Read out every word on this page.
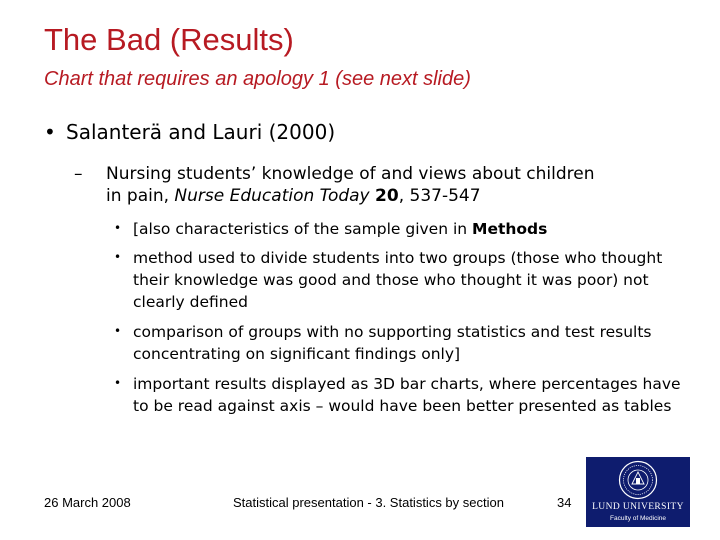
The Bad (Results)
Chart that requires an apology 1 (see next slide)
• Salanterä and Lauri (2000)
– Nursing students’ knowledge of and views about children
in pain, Nurse Education Today 20, 537-547
• [also characteristics of the sample given in Methods
• method used to divide students into two groups (those who thought their knowledge was good and those who thought it was poor) not clearly defined
• comparison of groups with no supporting statistics and test results concentrating on significant findings only]
• important results displayed as 3D bar charts, where percentages have to be read against axis – would have been better presented as tables
26 March 2008	Statistical presentation - 3. Statistics by section	34	LUND UNIVERSITY
Faculty of Medicine
